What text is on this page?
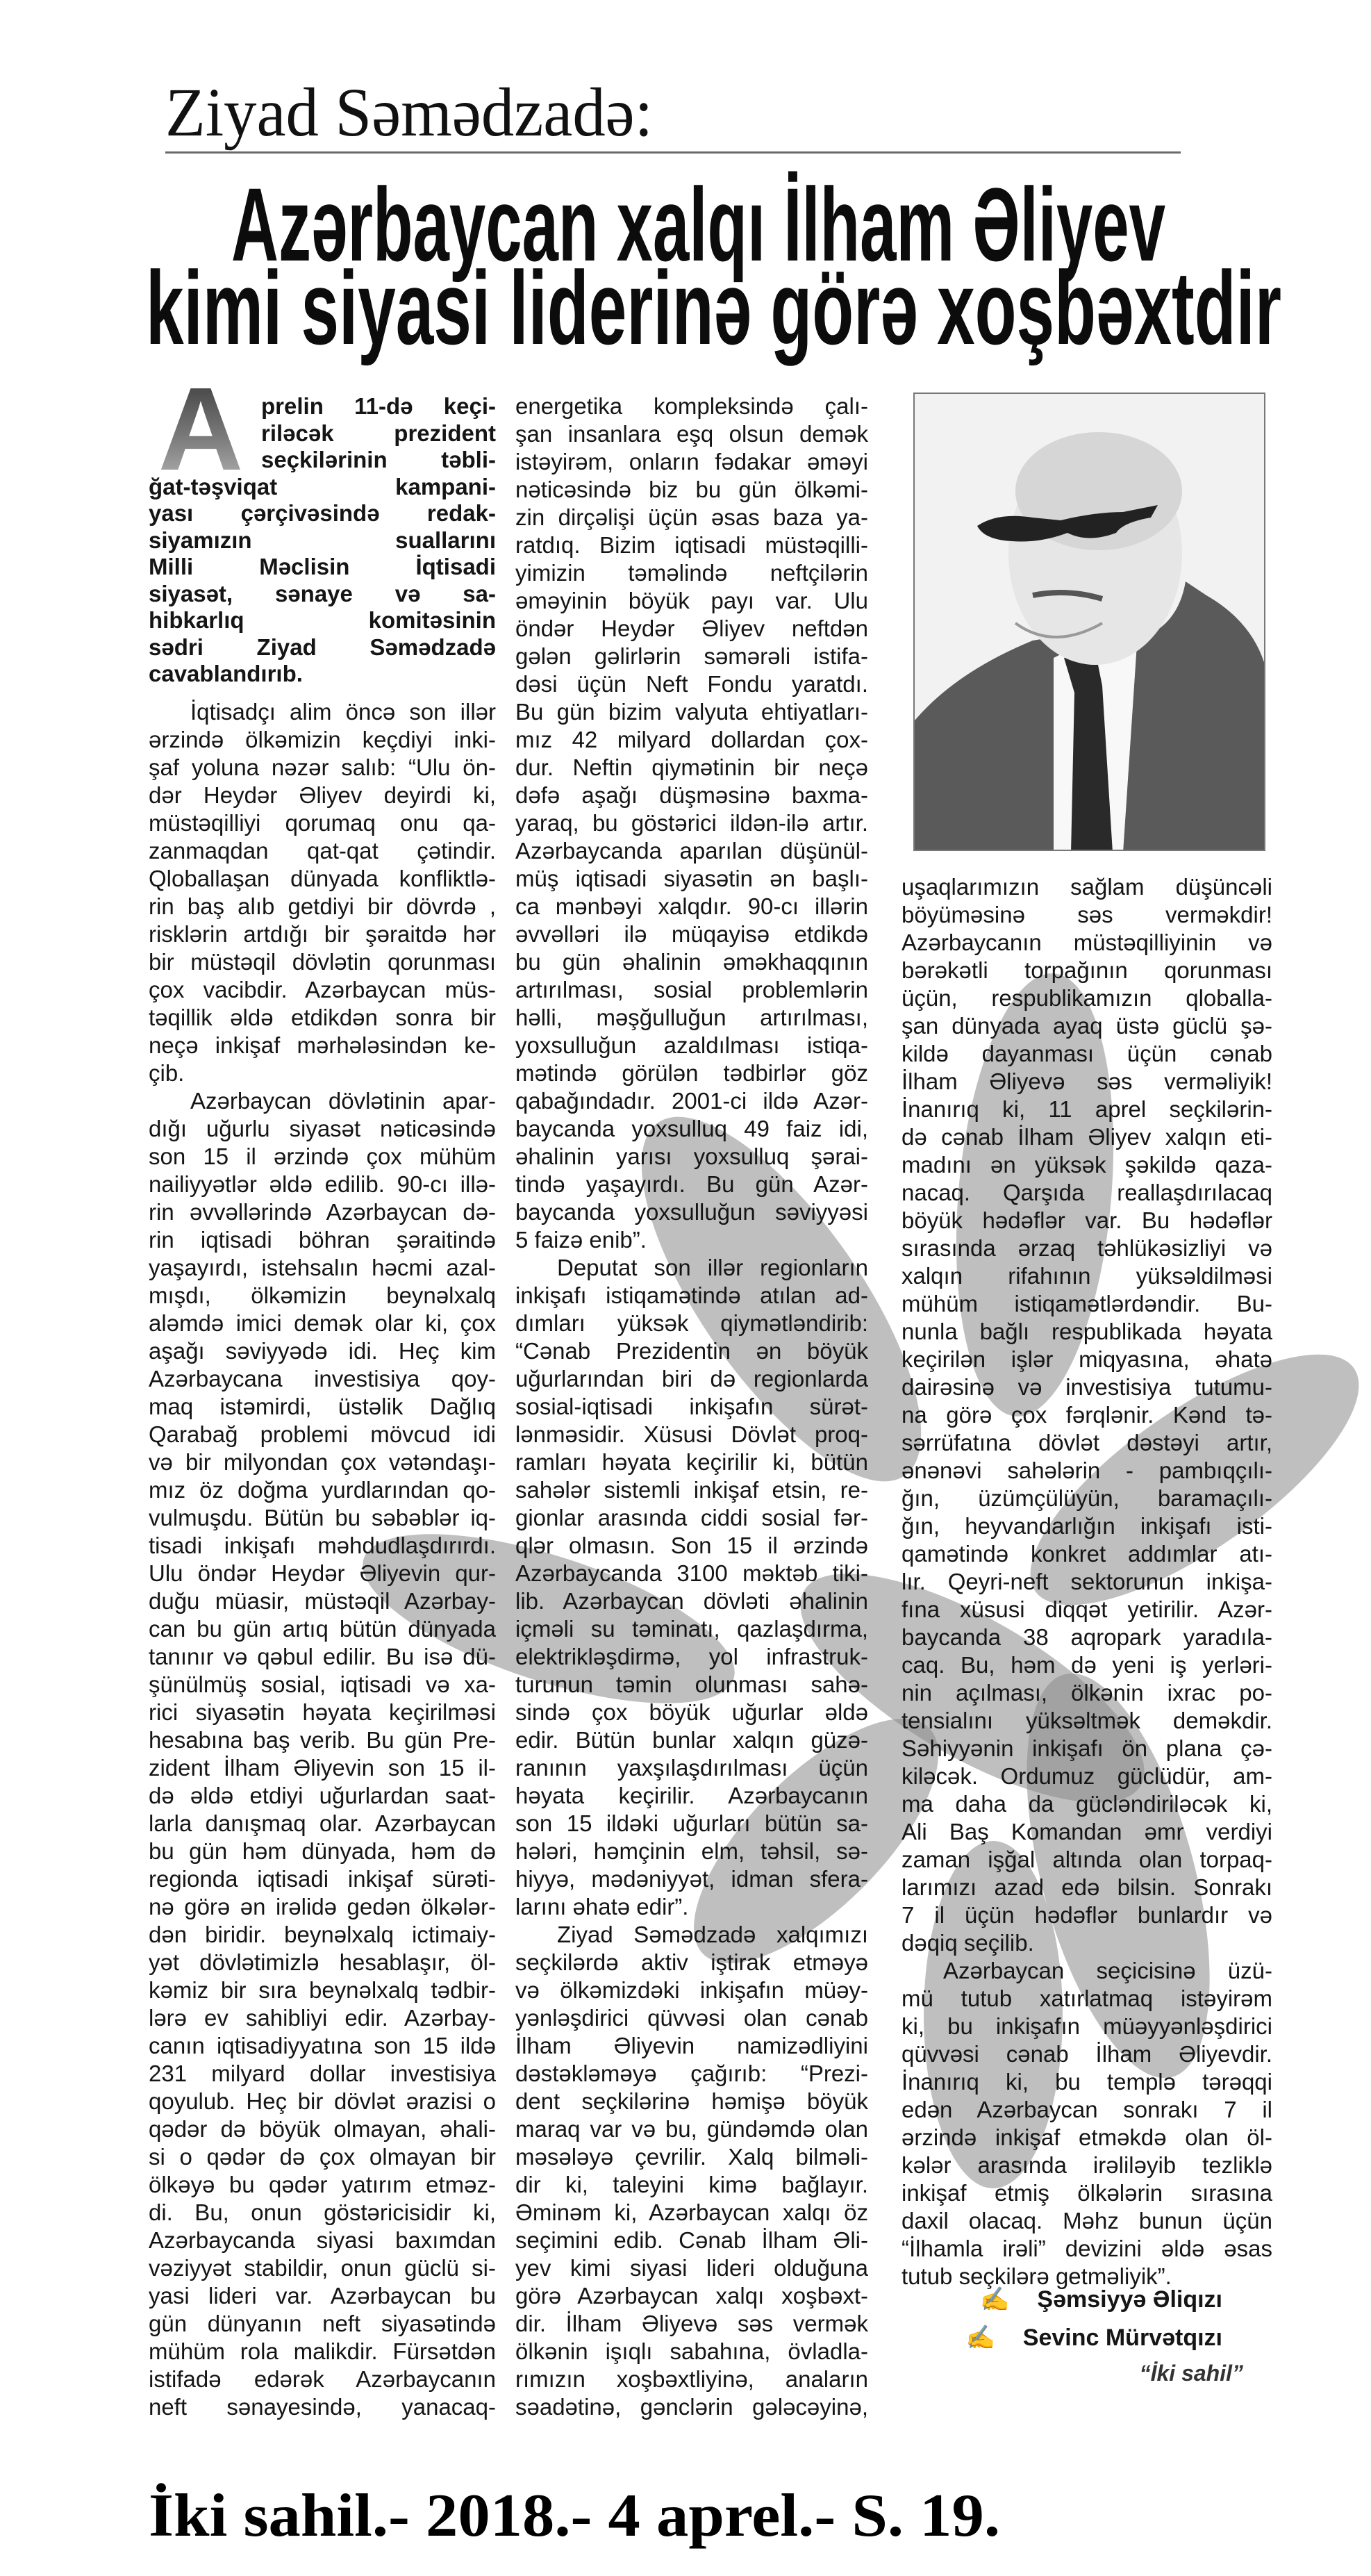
Ziyad Səmədzadə:
Azərbaycan xalqı İlham Əliyev
kimi siyasi liderinə görə xoşbəxtdir
A prelin 11-də keçi-
riləcək prezident
seçkilərinin təbli-
ğat-təşviqat kampani-
yası çərçivəsində redak-
siyamızın suallarını
Milli Məclisin İqtisadi
siyasət, sənaye və sa-
hibkarlıq komitəsinin
sədri Ziyad Səmədzadə
cavablandırıb.
İqtisadçı alim öncə son illər
ərzində ölkəmizin keçdiyi inki-
şaf yoluna nəzər salıb: “Ulu ön-
dər Heydər Əliyev deyirdi ki,
müstəqilliyi qorumaq onu qa-
zanmaqdan qat-qat çətindir.
Qloballaşan dünyada konfliktlə-
rin baş alıb getdiyi bir dövrdə ,
risklərin artdığı bir şəraitdə hər
bir müstəqil dövlətin qorunması
çox vacibdir. Azərbaycan müs-
təqillik əldə etdikdən sonra bir
neçə inkişaf mərhələsindən ke-
çib.
Azərbaycan dövlətinin apar-
dığı uğurlu siyasət nəticəsində
son 15 il ərzində çox mühüm
nailiyyətlər əldə edilib. 90-cı illə-
rin əvvəllərində Azərbaycan də-
rin iqtisadi böhran şəraitində
yaşayırdı, istehsalın həcmi azal-
mışdı, ölkəmizin beynəlxalq
aləmdə imici demək olar ki, çox
aşağı səviyyədə idi. Heç kim
Azərbaycana investisiya qoy-
maq istəmirdi, üstəlik Dağlıq
Qarabağ problemi mövcud idi
və bir milyondan çox vətəndaşı-
mız öz doğma yurdlarından qo-
vulmuşdu. Bütün bu səbəblər iq-
tisadi inkişafı məhdudlaşdırırdı.
Ulu öndər Heydər Əliyevin qur-
duğu müasir, müstəqil Azərbay-
can bu gün artıq bütün dünyada
tanınır və qəbul edilir. Bu isə dü-
şünülmüş sosial, iqtisadi və xa-
rici siyasətin həyata keçirilməsi
hesabına baş verib. Bu gün Pre-
zident İlham Əliyevin son 15 il-
də əldə etdiyi uğurlardan saat-
larla danışmaq olar. Azərbaycan
bu gün həm dünyada, həm də
regionda iqtisadi inkişaf sürəti-
nə görə ən irəlidə gedən ölkələr-
dən biridir. beynəlxalq ictimaiy-
yət dövlətimizlə hesablaşır, öl-
kəmiz bir sıra beynəlxalq tədbir-
lərə ev sahibliyi edir. Azərbay-
canın iqtisadiyyatına son 15 ildə
231 milyard dollar investisiya
qoyulub. Heç bir dövlət ərazisi o
qədər də böyük olmayan, əhali-
si o qədər də çox olmayan bir
ölkəyə bu qədər yatırım etməz-
di. Bu, onun göstəricisidir ki,
Azərbaycanda siyasi baxımdan
vəziyyət stabildir, onun güclü si-
yasi lideri var. Azərbaycan bu
gün dünyanın neft siyasətində
mühüm rola malikdir. Fürsətdən
istifadə edərək Azərbaycanın
neft sənayesində, yanacaq-
energetika kompleksində çalı-
şan insanlara eşq olsun demək
istəyirəm, onların fədakar əməyi
nəticəsində biz bu gün ölkəmi-
zin dirçəlişi üçün əsas baza ya-
ratdıq. Bizim iqtisadi müstəqilli-
yimizin təməlində neftçilərin
əməyinin böyük payı var. Ulu
öndər Heydər Əliyev neftdən
gələn gəlirlərin səmərəli istifa-
dəsi üçün Neft Fondu yaratdı.
Bu gün bizim valyuta ehtiyatları-
mız 42 milyard dollardan çox-
dur. Neftin qiymətinin bir neçə
dəfə aşağı düşməsinə baxma-
yaraq, bu göstərici ildən-ilə artır.
Azərbaycanda aparılan düşünül-
müş iqtisadi siyasətin ən başlı-
ca mənbəyi xalqdır. 90-cı illərin
əvvəlləri ilə müqayisə etdikdə
bu gün əhalinin əməkhaqqının
artırılması, sosial problemlərin
həlli, məşğulluğun artırılması,
yoxsulluğun azaldılması istiqa-
mətində görülən tədbirlər göz
qabağındadır. 2001-ci ildə Azər-
baycanda yoxsulluq 49 faiz idi,
əhalinin yarısı yoxsulluq şərai-
tində yaşayırdı. Bu gün Azər-
baycanda yoxsulluğun səviyyəsi
5 faizə enib”.
Deputat son illər regionların
inkişafı istiqamətində atılan ad-
dımları yüksək qiymətləndirib:
“Cənab Prezidentin ən böyük
uğurlarından biri də regionlarda
sosial-iqtisadi inkişafın sürət-
lənməsidir. Xüsusi Dövlət proq-
ramları həyata keçirilir ki, bütün
sahələr sistemli inkişaf etsin, re-
gionlar arasında ciddi sosial fər-
qlər olmasın. Son 15 il ərzində
Azərbaycanda 3100 məktəb tiki-
lib. Azərbaycan dövləti əhalinin
içməli su təminatı, qazlaşdırma,
elektrikləşdirmə, yol infrastruk-
turunun təmin olunması sahə-
sində çox böyük uğurlar əldə
edir. Bütün bunlar xalqın güzə-
ranının yaxşılaşdırılması üçün
həyata keçirilir. Azərbaycanın
son 15 ildəki uğurları bütün sa-
hələri, həmçinin elm, təhsil, sə-
hiyyə, mədəniyyət, idman sfera-
larını əhatə edir”.
Ziyad Səmədzadə xalqımızı
seçkilərdə aktiv iştirak etməyə
və ölkəmizdəki inkişafın müəy-
yənləşdirici qüvvəsi olan cənab
İlham Əliyevin namizədliyini
dəstəkləməyə çağırıb: “Prezi-
dent seçkilərinə həmişə böyük
maraq var və bu, gündəmdə olan
məsələyə çevrilir. Xalq bilməli-
dir ki, taleyini kimə bağlayır.
Əminəm ki, Azərbaycan xalqı öz
seçimini edib. Cənab İlham Əli-
yev kimi siyasi lideri olduğuna
görə Azərbaycan xalqı xoşbəxt-
dir. İlham Əliyevə səs vermək
ölkənin işıqlı sabahına, övladla-
rımızın xoşbəxtliyinə, anaların
səadətinə, gənclərin gələcəyinə,
uşaqlarımızın sağlam düşüncəli
böyüməsinə səs verməkdir!
Azərbaycanın müstəqilliyinin və
bərəkətli torpağının qorunması
üçün, respublikamızın qloballa-
şan dünyada ayaq üstə güclü şə-
kildə dayanması üçün cənab
İlham Əliyevə səs verməliyik!
İnanırıq ki, 11 aprel seçkilərin-
də cənab İlham Əliyev xalqın eti-
madını ən yüksək şəkildə qaza-
nacaq. Qarşıda reallaşdırılacaq
böyük hədəflər var. Bu hədəflər
sırasında ərzaq təhlükəsizliyi və
xalqın rifahının yüksəldilməsi
mühüm istiqamətlərdəndir. Bu-
nunla bağlı respublikada həyata
keçirilən işlər miqyasına, əhatə
dairəsinə və investisiya tutumu-
na görə çox fərqlənir. Kənd tə-
sərrüfatına dövlət dəstəyi artır,
ənənəvi sahələrin - pambıqçılı-
ğın, üzümçülüyün, baramaçılı-
ğın, heyvandarlığın inkişafı isti-
qamətində konkret addımlar atı-
lır. Qeyri-neft sektorunun inkişa-
fına xüsusi diqqət yetirilir. Azər-
baycanda 38 aqropark yaradıla-
caq. Bu, həm də yeni iş yerləri-
nin açılması, ölkənin ixrac po-
tensialını yüksəltmək deməkdir.
Səhiyyənin inkişafı ön plana çə-
kiləcək. Ordumuz güclüdür, am-
ma daha da gücləndiriləcək ki,
Ali Baş Komandan əmr verdiyi
zaman işğal altında olan torpaq-
larımızı azad edə bilsin. Sonrakı
7 il üçün hədəflər bunlardır və
dəqiq seçilib.
Azərbaycan seçicisinə üzü-
mü tutub xatırlatmaq istəyirəm
ki, bu inkişafın müəyyənləşdirici
qüvvəsi cənab İlham Əliyevdir.
İnanırıq ki, bu templə tərəqqi
edən Azərbaycan sonrakı 7 il
ərzində inkişaf etməkdə olan öl-
kələr arasında irəliləyib tezliklə
inkişaf etmiş ölkələrin sırasına
daxil olacaq. Məhz bunun üçün
“İlhamla irəli” devizini əldə əsas
tutub seçkilərə getməliyik”.
✍ Şəmsiyyə Əliqızı
✍ Sevinc Mürvətqızı
“İki sahil”
İki sahil.- 2018.- 4 aprel.- S. 19.
